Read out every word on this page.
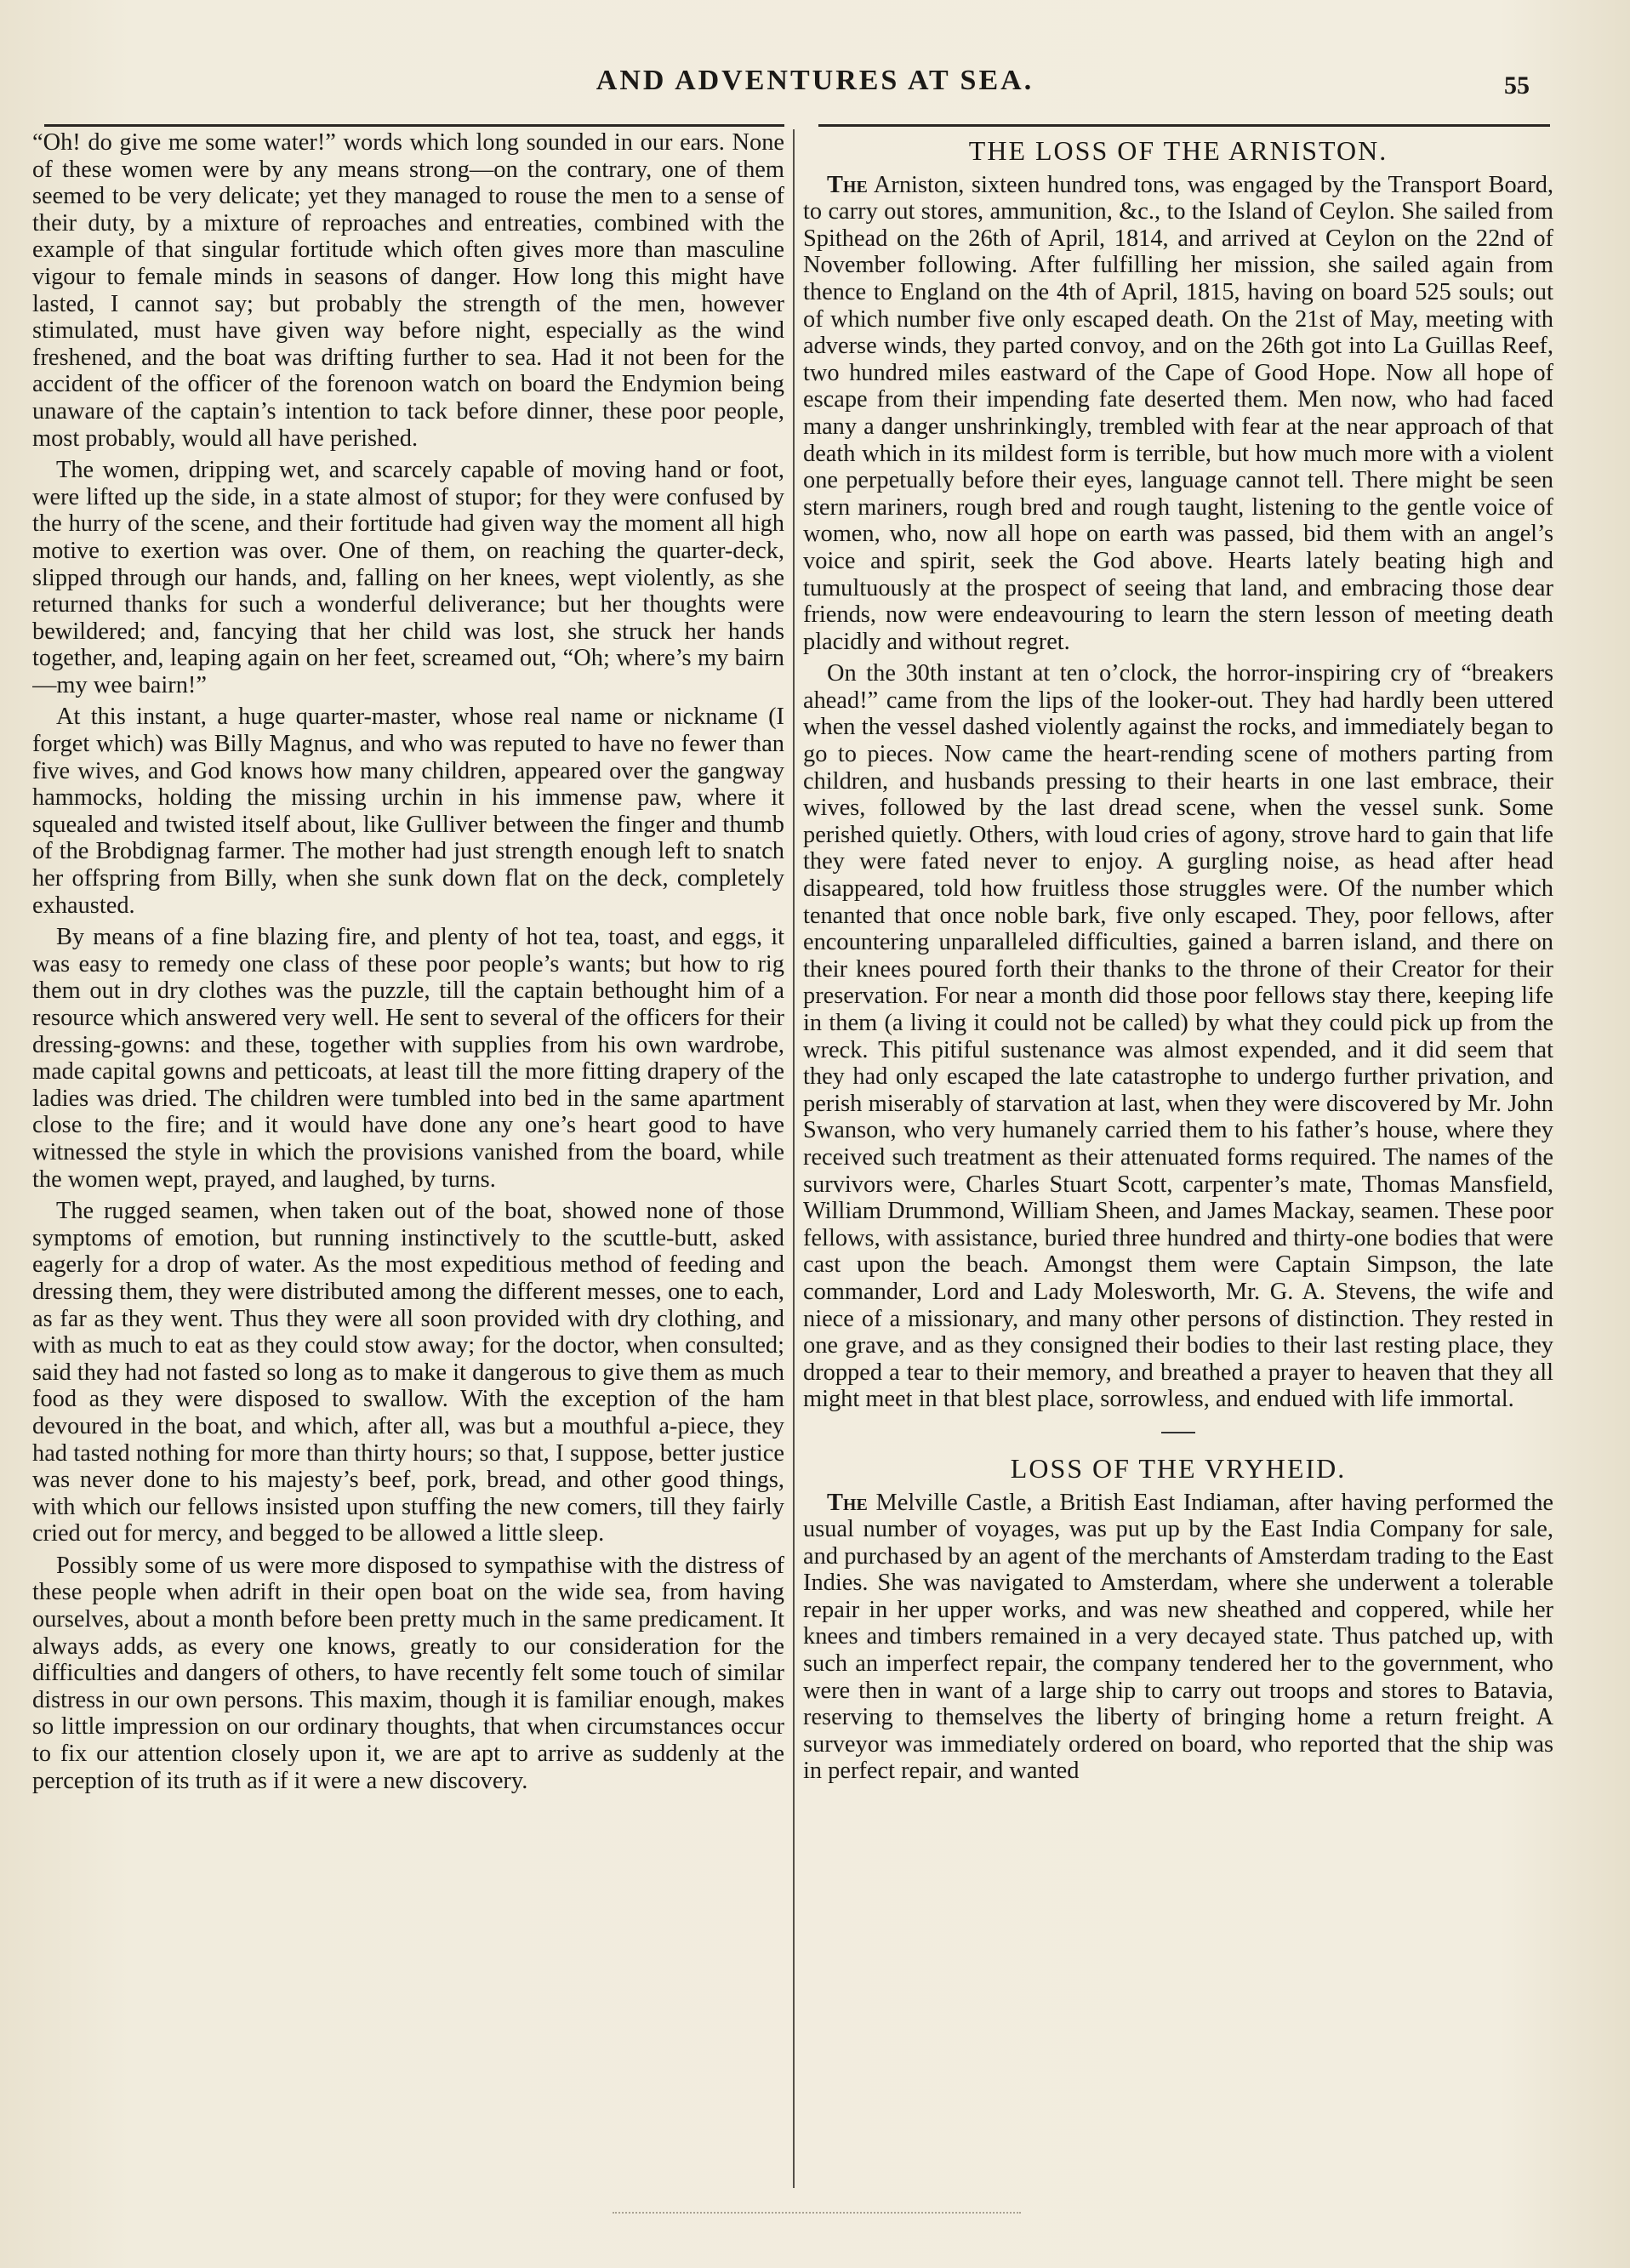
AND ADVENTURES AT SEA.	55

“Oh! do give me some water!” words which long sounded in our ears. None of these women were by any means strong—on the contrary, one of them seemed to be very delicate; yet they managed to rouse the men to a sense of their duty, by a mixture of reproaches and entreaties, combined with the example of that singular fortitude which often gives more than masculine vigour to female minds in seasons of danger. How long this might have lasted, I cannot say; but probably the strength of the men, however stimulated, must have given way before night, especially as the wind freshened, and the boat was drifting further to sea. Had it not been for the accident of the officer of the forenoon watch on board the Endymion being unaware of the captain’s intention to tack before dinner, these poor people, most probably, would all have perished.

The women, dripping wet, and scarcely capable of moving hand or foot, were lifted up the side, in a state almost of stupor; for they were confused by the hurry of the scene, and their fortitude had given way the moment all high motive to exertion was over. One of them, on reaching the quarter-deck, slipped through our hands, and, falling on her knees, wept violently, as she returned thanks for such a wonderful deliverance; but her thoughts were bewildered; and, fancying that her child was lost, she struck her hands together, and, leaping again on her feet, screamed out, “Oh; where’s my bairn—my wee bairn!”

At this instant, a huge quarter-master, whose real name or nickname (I forget which) was Billy Magnus, and who was reputed to have no fewer than five wives, and God knows how many children, appeared over the gangway hammocks, holding the missing urchin in his immense paw, where it squealed and twisted itself about, like Gulliver between the finger and thumb of the Brobdignag farmer. The mother had just strength enough left to snatch her offspring from Billy, when she sunk down flat on the deck, completely exhausted.

By means of a fine blazing fire, and plenty of hot tea, toast, and eggs, it was easy to remedy one class of these poor people’s wants; but how to rig them out in dry clothes was the puzzle, till the captain bethought him of a resource which answered very well. He sent to several of the officers for their dressing-gowns: and these, together with supplies from his own wardrobe, made capital gowns and petticoats, at least till the more fitting drapery of the ladies was dried. The children were tumbled into bed in the same apartment close to the fire; and it would have done any one’s heart good to have witnessed the style in which the provisions vanished from the board, while the women wept, prayed, and laughed, by turns.

The rugged seamen, when taken out of the boat, showed none of those symptoms of emotion, but running instinctively to the scuttle-butt, asked eagerly for a drop of water. As the most expeditious method of feeding and dressing them, they were distributed among the different messes, one to each, as far as they went. Thus they were all soon provided with dry clothing, and with as much to eat as they could stow away; for the doctor, when consulted; said they had not fasted so long as to make it dangerous to give them as much food as they were disposed to swallow. With the exception of the ham devoured in the boat, and which, after all, was but a mouthful a-piece, they had tasted nothing for more than thirty hours; so that, I suppose, better justice was never done to his majesty’s beef, pork, bread, and other good things, with which our fellows insisted upon stuffing the new comers, till they fairly cried out for mercy, and begged to be allowed a little sleep.

Possibly some of us were more disposed to sympathise with the distress of these people when adrift in their open boat on the wide sea, from having ourselves, about a month before been pretty much in the same predicament. It always adds, as every one knows, greatly to our consideration for the difficulties and dangers of others, to have recently felt some touch of similar distress in our own persons. This maxim, though it is familiar enough, makes so little impression on our ordinary thoughts, that when circumstances occur to fix our attention closely upon it, we are apt to arrive as suddenly at the perception of its truth as if it were a new discovery.

THE LOSS OF THE ARNISTON.

The Arniston, sixteen hundred tons, was engaged by the Transport Board, to carry out stores, ammunition, &c., to the Island of Ceylon. She sailed from Spithead on the 26th of April, 1814, and arrived at Ceylon on the 22nd of November following. After fulfilling her mission, she sailed again from thence to England on the 4th of April, 1815, having on board 525 souls; out of which number five only escaped death. On the 21st of May, meeting with adverse winds, they parted convoy, and on the 26th got into La Guillas Reef, two hundred miles eastward of the Cape of Good Hope. Now all hope of escape from their impending fate deserted them. Men now, who had faced many a danger unshrinkingly, trembled with fear at the near approach of that death which in its mildest form is terrible, but how much more with a violent one perpetually before their eyes, language cannot tell. There might be seen stern mariners, rough bred and rough taught, listening to the gentle voice of women, who, now all hope on earth was passed, bid them with an angel’s voice and spirit, seek the God above. Hearts lately beating high and tumultuously at the prospect of seeing that land, and embracing those dear friends, now were endeavouring to learn the stern lesson of meeting death placidly and without regret.

On the 30th instant at ten o’clock, the horror-inspiring cry of “breakers ahead!” came from the lips of the looker-out. They had hardly been uttered when the vessel dashed violently against the rocks, and immediately began to go to pieces. Now came the heart-rending scene of mothers parting from children, and husbands pressing to their hearts in one last embrace, their wives, followed by the last dread scene, when the vessel sunk. Some perished quietly. Others, with loud cries of agony, strove hard to gain that life they were fated never to enjoy. A gurgling noise, as head after head disappeared, told how fruitless those struggles were. Of the number which tenanted that once noble bark, five only escaped. They, poor fellows, after encountering unparalleled difficulties, gained a barren island, and there on their knees poured forth their thanks to the throne of their Creator for their preservation. For near a month did those poor fellows stay there, keeping life in them (a living it could not be called) by what they could pick up from the wreck. This pitiful sustenance was almost expended, and it did seem that they had only escaped the late catastrophe to undergo further privation, and perish miserably of starvation at last, when they were discovered by Mr. John Swanson, who very humanely carried them to his father’s house, where they received such treatment as their attenuated forms required. The names of the survivors were, Charles Stuart Scott, carpenter’s mate, Thomas Mansfield, William Drummond, William Sheen, and James Mackay, seamen. These poor fellows, with assistance, buried three hundred and thirty-one bodies that were cast upon the beach. Amongst them were Captain Simpson, the late commander, Lord and Lady Molesworth, Mr. G. A. Stevens, the wife and niece of a missionary, and many other persons of distinction. They rested in one grave, and as they consigned their bodies to their last resting place, they dropped a tear to their memory, and breathed a prayer to heaven that they all might meet in that blest place, sorrowless, and endued with life immortal.

LOSS OF THE VRYHEID.

The Melville Castle, a British East Indiaman, after having performed the usual number of voyages, was put up by the East India Company for sale, and purchased by an agent of the merchants of Amsterdam trading to the East Indies. She was navigated to Amsterdam, where she underwent a tolerable repair in her upper works, and was new sheathed and coppered, while her knees and timbers remained in a very decayed state. Thus patched up, with such an imperfect repair, the company tendered her to the government, who were then in want of a large ship to carry out troops and stores to Batavia, reserving to themselves the liberty of bringing home a return freight. A surveyor was immediately ordered on board, who reported that the ship was in perfect repair, and wanted
